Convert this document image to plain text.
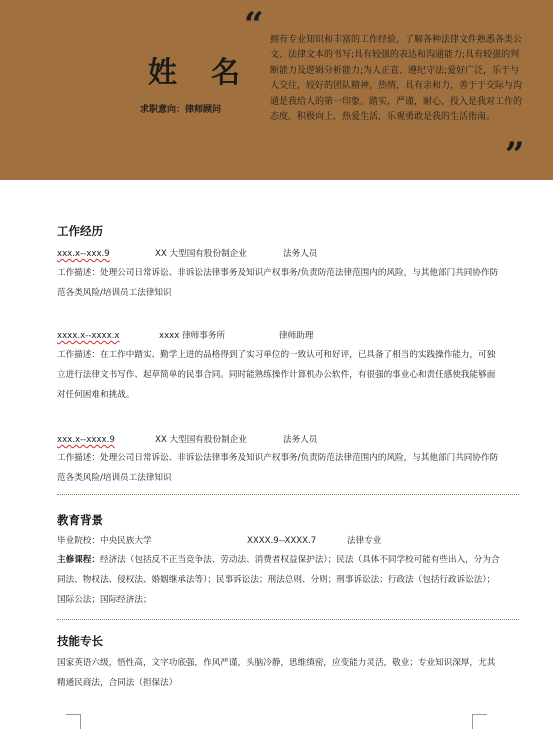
姓 名
求职意向：律师顾问
“ 拥有专业知识和丰富的工作经验，了解各种法律文件熟悉各类公文、法律文本的书写;具有较强的表达和沟通能力;具有较强的判断能力及逻辑分析能力;为人正直、遵纪守法;爱好广泛，乐于与人交往，较好的团队精神。热情，具有亲和力，善于于交际与沟通是我给人的第一印象。踏实，严谨，耐心，投入是我对工作的态度。积极向上，热爱生活，乐观勇敢是我的生活指南。
”
工作经历
xxx.x--xxx.9	XX 大型国有股份制企业	法务人员
工作描述：处理公司日常诉讼、非诉讼法律事务及知识产权事务/负责防范法律范围内的风险，与其他部门共同协作防范各类风险/培训员工法律知识
xxxx.x--xxxx.x	xxxx 律师事务所	律师助理
工作描述：在工作中踏实、勤学上进的品格得到了实习单位的一致认可和好评，已具备了相当的实践操作能力，可独立进行法律文书写作、起草简单的民事合同。同时能熟练操作计算机办公软件，有很强的事业心和责任感使我能够面对任何困难和挑战。
xxx.x--xxxx.9	XX 大型国有股份制企业	法务人员
工作描述：处理公司日常诉讼、非诉讼法律事务及知识产权事务/负责防范法律范围内的风险，与其他部门共同协作防范各类风险/培训员工法律知识
教育背景
毕业院校：中央民族大学	XXXX.9--XXXX.7	法律专业
主修课程：经济法（包括反不正当竞争法、劳动法、消费者权益保护法）；民法（具体不同学校可能有些出入，分为合同法、物权法、侵权法、婚姻继承法等）；民事诉讼法；刑法总则、分则；刑事诉讼法；行政法（包括行政诉讼法）；国际公法；国际经济法；
技能专长
国家英语六级，悟性高，文字功底强，作风严谨，头脑冷静，思维缜密，应变能力灵活，敬业；专业知识深厚，尤其精通民商法，合同法（担保法）
